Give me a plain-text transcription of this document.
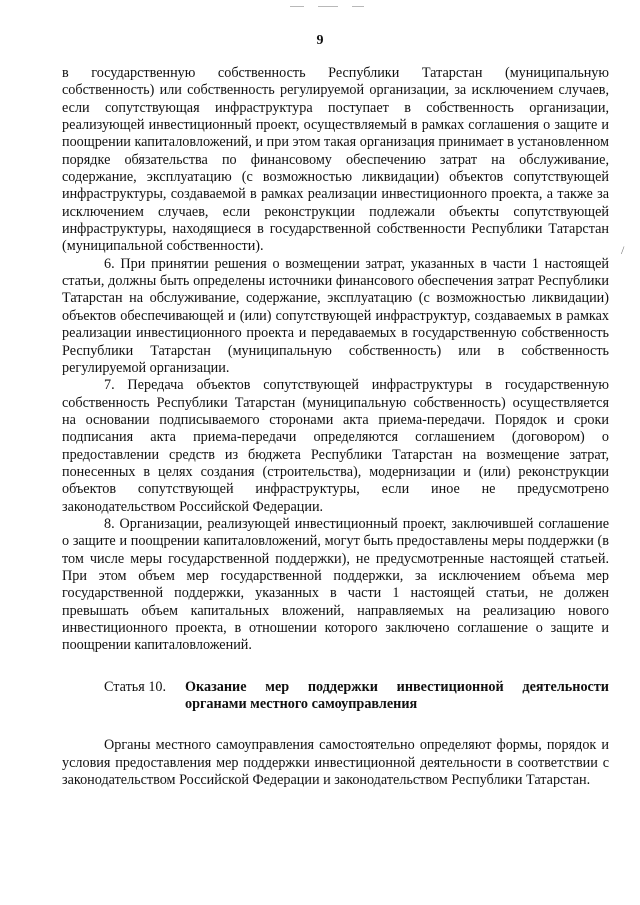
9

в государственную собственность Республики Татарстан (муниципальную собственность) или собственность регулируемой организации, за исключением случаев, если сопутствующая инфраструктура поступает в собственность организации, реализующей инвестиционный проект, осуществляемый в рамках соглашения о защите и поощрении капиталовложений, и при этом такая организация принимает в установленном порядке обязательства по финансовому обеспечению затрат на обслуживание, содержание, эксплуатацию (с возможностью ликвидации) объектов сопутствующей инфраструктуры, создаваемой в рамках реализации инвестиционного проекта, а также за исключением случаев, если реконструкции подлежали объекты сопутствующей инфраструктуры, находящиеся в государственной собственности Республики Татарстан (муниципальной собственности).

6. При принятии решения о возмещении затрат, указанных в части 1 настоящей статьи, должны быть определены источники финансового обеспечения затрат Республики Татарстан на обслуживание, содержание, эксплуатацию (с возможностью ликвидации) объектов обеспечивающей и (или) сопутствующей инфраструктур, создаваемых в рамках реализации инвестиционного проекта и передаваемых в государственную собственность Республики Татарстан (муниципальную собственность) или в собственность регулируемой организации.

7. Передача объектов сопутствующей инфраструктуры в государственную собственность Республики Татарстан (муниципальную собственность) осуществляется на основании подписываемого сторонами акта приема-передачи. Порядок и сроки подписания акта приема-передачи определяются соглашением (договором) о предоставлении средств из бюджета Республики Татарстан на возмещение затрат, понесенных в целях создания (строительства), модернизации и (или) реконструкции объектов сопутствующей инфраструктуры, если иное не предусмотрено законодательством Российской Федерации.

8. Организации, реализующей инвестиционный проект, заключившей соглашение о защите и поощрении капиталовложений, могут быть предоставлены меры поддержки (в том числе меры государственной поддержки), не предусмотренные настоящей статьей. При этом объем мер государственной поддержки, за исключением объема мер государственной поддержки, указанных в части 1 настоящей статьи, не должен превышать объем капитальных вложений, направляемых на реализацию нового инвестиционного проекта, в отношении которого заключено соглашение о защите и поощрении капиталовложений.

Статья 10.	Оказание мер поддержки инвестиционной деятельности органами местного самоуправления

Органы местного самоуправления самостоятельно определяют формы, порядок и условия предоставления мер поддержки инвестиционной деятельности в соответствии с законодательством Российской Федерации и законодательством Республики Татарстан.

/
